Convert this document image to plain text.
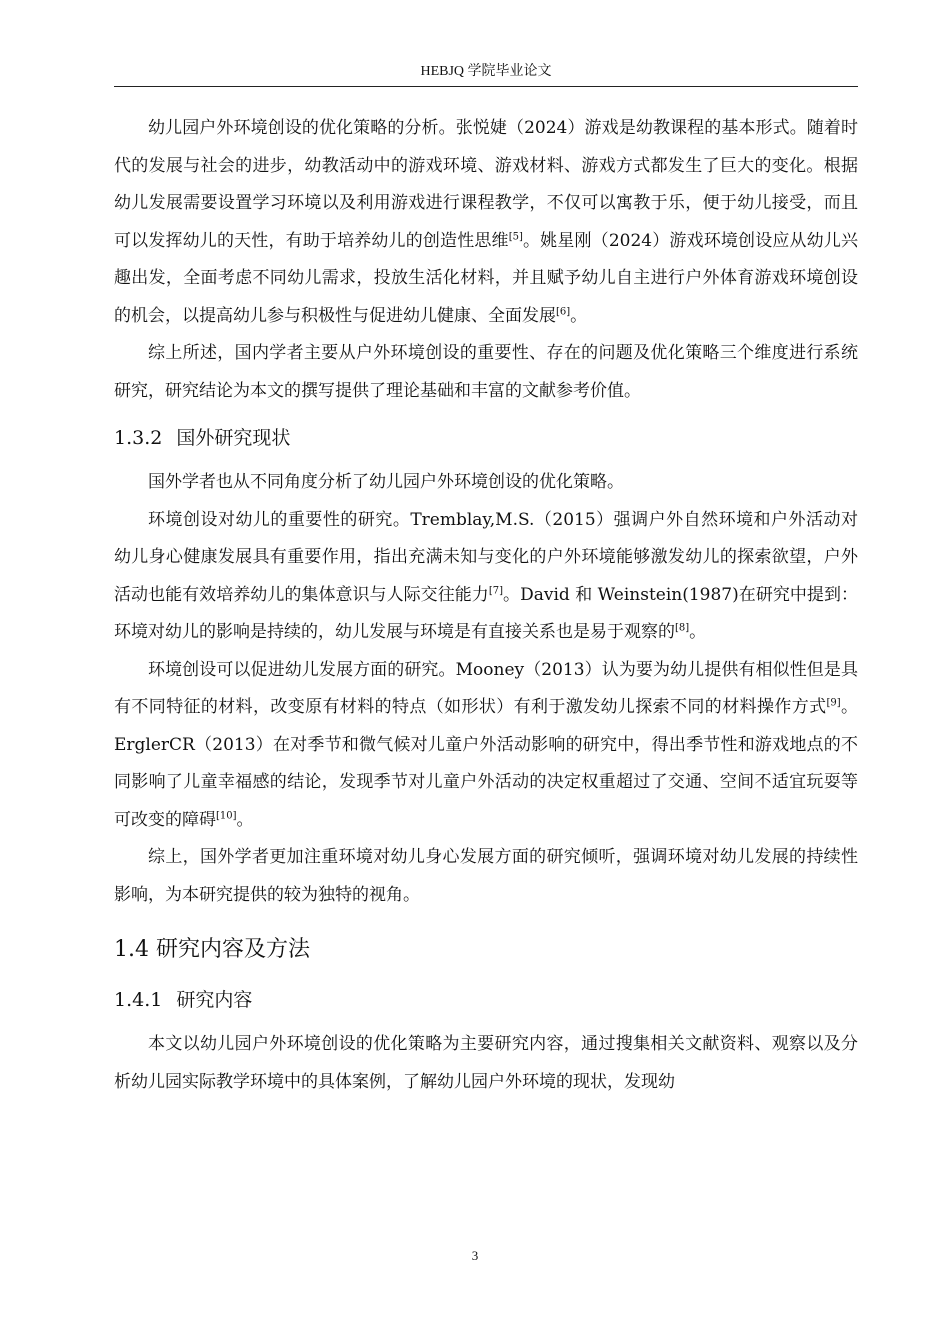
HEBJQ 学院毕业论文

幼儿园户外环境创设的优化策略的分析。张悦婕（2024）游戏是幼教课程的基本形式。随着时代的发展与社会的进步，幼教活动中的游戏环境、游戏材料、游戏方式都发生了巨大的变化。根据幼儿发展需要设置学习环境以及利用游戏进行课程教学，不仅可以寓教于乐，便于幼儿接受，而且可以发挥幼儿的天性，有助于培养幼儿的创造性思维[5]。姚星刚（2024）游戏环境创设应从幼儿兴趣出发，全面考虑不同幼儿需求，投放生活化材料，并且赋予幼儿自主进行户外体育游戏环境创设的机会，以提高幼儿参与积极性与促进幼儿健康、全面发展[6]。

综上所述，国内学者主要从户外环境创设的重要性、存在的问题及优化策略三个维度进行系统研究，研究结论为本文的撰写提供了理论基础和丰富的文献参考价值。

1.3.2 国外研究现状

国外学者也从不同角度分析了幼儿园户外环境创设的优化策略。

环境创设对幼儿的重要性的研究。Tremblay,M.S.（2015）强调户外自然环境和户外活动对幼儿身心健康发展具有重要作用，指出充满未知与变化的户外环境能够激发幼儿的探索欲望，户外活动也能有效培养幼儿的集体意识与人际交往能力[7]。David 和 Weinstein(1987)在研究中提到：环境对幼儿的影响是持续的，幼儿发展与环境是有直接关系也是易于观察的[8]。

环境创设可以促进幼儿发展方面的研究。Mooney（2013）认为要为幼儿提供有相似性但是具有不同特征的材料，改变原有材料的特点（如形状）有利于激发幼儿探索不同的材料操作方式[9]。ErglerCR（2013）在对季节和微气候对儿童户外活动影响的研究中，得出季节性和游戏地点的不同影响了儿童幸福感的结论，发现季节对儿童户外活动的决定权重超过了交通、空间不适宜玩耍等可改变的障碍[10]。

综上，国外学者更加注重环境对幼儿身心发展方面的研究倾听，强调环境对幼儿发展的持续性影响，为本研究提供的较为独特的视角。

1.4 研究内容及方法
1.4.1 研究内容

本文以幼儿园户外环境创设的优化策略为主要研究内容，通过搜集相关文献资料、观察以及分析幼儿园实际教学环境中的具体案例，了解幼儿园户外环境的现状，发现幼

3
